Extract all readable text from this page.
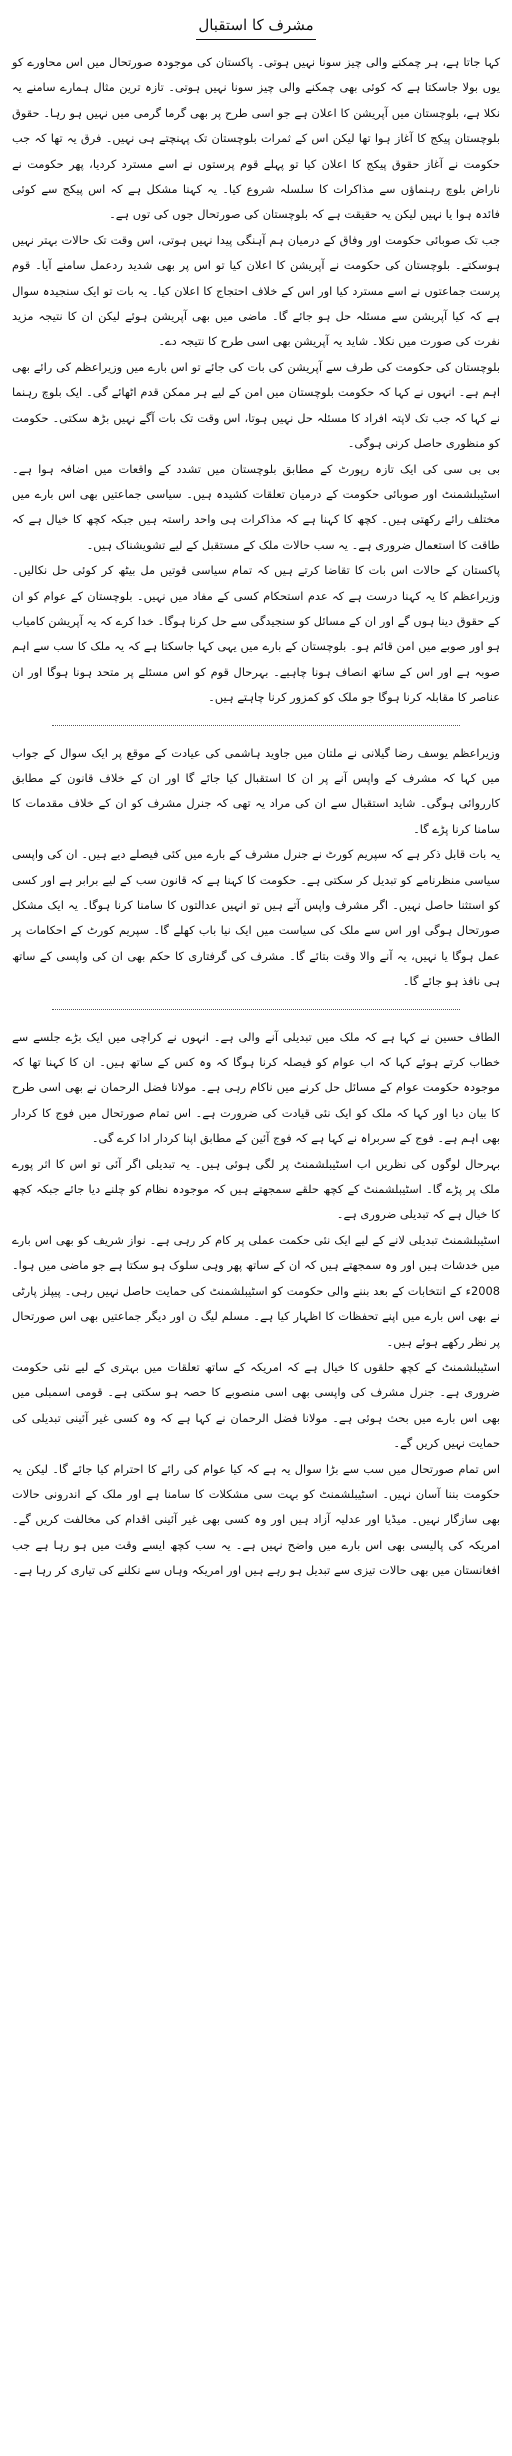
مشرف کا استقبال

کہا جاتا ہے، ہر چمکنے والی چیز سونا نہیں ہوتی۔ پاکستان کی موجودہ صورتحال میں اس محاورے کو یوں بولا جاسکتا ہے کہ کوئی بھی چمکنے والی چیز سونا نہیں ہوتی۔ تازہ ترین مثال ہمارے سامنے یہ نکلا ہے، بلوچستان میں آپریشن کا اعلان ہے جو اسی طرح پر بھی گرما گرمی میں نہیں ہو رہا۔ حقوق بلوچستان پیکج کا آغاز ہوا تھا لیکن اس کے ثمرات بلوچستان تک پہنچتے ہی نہیں۔ فرق یہ تھا کہ جب حکومت نے آغاز حقوق پیکج کا اعلان کیا تو پہلے قوم پرستوں نے اسے مسترد کردیا، پھر حکومت نے ناراض بلوچ رہنماؤں سے مذاکرات کا سلسلہ شروع کیا۔ یہ کہنا مشکل ہے کہ اس پیکج سے کوئی فائدہ ہوا یا نہیں لیکن یہ حقیقت ہے کہ بلوچستان کی صورتحال جوں کی توں ہے۔

جب تک صوبائی حکومت اور وفاق کے درمیان ہم آہنگی پیدا نہیں ہوتی، اس وقت تک حالات بہتر نہیں ہوسکتے۔ بلوچستان کی حکومت نے آپریشن کا اعلان کیا تو اس پر بھی شدید ردعمل سامنے آیا۔ قوم پرست جماعتوں نے اسے مسترد کیا اور اس کے خلاف احتجاج کا اعلان کیا۔ یہ بات تو ایک سنجیدہ سوال ہے کہ کیا آپریشن سے مسئلہ حل ہو جائے گا۔ ماضی میں بھی آپریشن ہوئے لیکن ان کا نتیجہ مزید نفرت کی صورت میں نکلا۔ شاید یہ آپریشن بھی اسی طرح کا نتیجہ دے۔

بلوچستان کی حکومت کی طرف سے آپریشن کی بات کی جائے تو اس بارے میں وزیراعظم کی رائے بھی اہم ہے۔ انہوں نے کہا کہ حکومت بلوچستان میں امن کے لیے ہر ممکن قدم اٹھائے گی۔ ایک بلوچ رہنما نے کہا کہ جب تک لاپتہ افراد کا مسئلہ حل نہیں ہوتا، اس وقت تک بات آگے نہیں بڑھ سکتی۔ حکومت کو منظوری حاصل کرنی ہوگی۔

بی بی سی کی ایک تازہ رپورٹ کے مطابق بلوچستان میں تشدد کے واقعات میں اضافہ ہوا ہے۔ اسٹیبلشمنٹ اور صوبائی حکومت کے درمیان تعلقات کشیدہ ہیں۔ سیاسی جماعتیں بھی اس بارے میں مختلف رائے رکھتی ہیں۔ کچھ کا کہنا ہے کہ مذاکرات ہی واحد راستہ ہیں جبکہ کچھ کا خیال ہے کہ طاقت کا استعمال ضروری ہے۔ یہ سب حالات ملک کے مستقبل کے لیے تشویشناک ہیں۔

پاکستان کے حالات اس بات کا تقاضا کرتے ہیں کہ تمام سیاسی قوتیں مل بیٹھ کر کوئی حل نکالیں۔ وزیراعظم کا یہ کہنا درست ہے کہ عدم استحکام کسی کے مفاد میں نہیں۔ بلوچستان کے عوام کو ان کے حقوق دینا ہوں گے اور ان کے مسائل کو سنجیدگی سے حل کرنا ہوگا۔ خدا کرے کہ یہ آپریشن کامیاب ہو اور صوبے میں امن قائم ہو۔ بلوچستان کے بارے میں یہی کہا جاسکتا ہے کہ یہ ملک کا سب سے اہم صوبہ ہے اور اس کے ساتھ انصاف ہونا چاہیے۔ بہرحال قوم کو اس مسئلے پر متحد ہونا ہوگا اور ان عناصر کا مقابلہ کرنا ہوگا جو ملک کو کمزور کرنا چاہتے ہیں۔

وزیراعظم یوسف رضا گیلانی نے ملتان میں جاوید ہاشمی کی عیادت کے موقع پر ایک سوال کے جواب میں کہا کہ مشرف کے واپس آنے پر ان کا استقبال کیا جائے گا اور ان کے خلاف قانون کے مطابق کارروائی ہوگی۔ شاید استقبال سے ان کی مراد یہ تھی کہ جنرل مشرف کو ان کے خلاف مقدمات کا سامنا کرنا پڑے گا۔

یہ بات قابل ذکر ہے کہ سپریم کورٹ نے جنرل مشرف کے بارے میں کئی فیصلے دیے ہیں۔ ان کی واپسی سیاسی منظرنامے کو تبدیل کر سکتی ہے۔ حکومت کا کہنا ہے کہ قانون سب کے لیے برابر ہے اور کسی کو استثنا حاصل نہیں۔ اگر مشرف واپس آتے ہیں تو انہیں عدالتوں کا سامنا کرنا ہوگا۔ یہ ایک مشکل صورتحال ہوگی اور اس سے ملک کی سیاست میں ایک نیا باب کھلے گا۔ سپریم کورٹ کے احکامات پر عمل ہوگا یا نہیں، یہ آنے والا وقت بتائے گا۔ مشرف کی گرفتاری کا حکم بھی ان کی واپسی کے ساتھ ہی نافذ ہو جائے گا۔

الطاف حسین نے کہا ہے کہ ملک میں تبدیلی آنے والی ہے۔ انہوں نے کراچی میں ایک بڑے جلسے سے خطاب کرتے ہوئے کہا کہ اب عوام کو فیصلہ کرنا ہوگا کہ وہ کس کے ساتھ ہیں۔ ان کا کہنا تھا کہ موجودہ حکومت عوام کے مسائل حل کرنے میں ناکام رہی ہے۔ مولانا فضل الرحمان نے بھی اسی طرح کا بیان دیا اور کہا کہ ملک کو ایک نئی قیادت کی ضرورت ہے۔ اس تمام صورتحال میں فوج کا کردار بھی اہم ہے۔ فوج کے سربراہ نے کہا ہے کہ فوج آئین کے مطابق اپنا کردار ادا کرے گی۔

بہرحال لوگوں کی نظریں اب اسٹیبلشمنٹ پر لگی ہوئی ہیں۔ یہ تبدیلی اگر آئی تو اس کا اثر پورے ملک پر پڑے گا۔ اسٹیبلشمنٹ کے کچھ حلقے سمجھتے ہیں کہ موجودہ نظام کو چلنے دیا جائے جبکہ کچھ کا خیال ہے کہ تبدیلی ضروری ہے۔

اسٹیبلشمنٹ تبدیلی لانے کے لیے ایک نئی حکمت عملی پر کام کر رہی ہے۔ نواز شریف کو بھی اس بارے میں خدشات ہیں اور وہ سمجھتے ہیں کہ ان کے ساتھ پھر وہی سلوک ہو سکتا ہے جو ماضی میں ہوا۔ 2008ء کے انتخابات کے بعد بننے والی حکومت کو اسٹیبلشمنٹ کی حمایت حاصل نہیں رہی۔ پیپلز پارٹی نے بھی اس بارے میں اپنے تحفظات کا اظہار کیا ہے۔ مسلم لیگ ن اور دیگر جماعتیں بھی اس صورتحال پر نظر رکھے ہوئے ہیں۔

اسٹیبلشمنٹ کے کچھ حلقوں کا خیال ہے کہ امریکہ کے ساتھ تعلقات میں بہتری کے لیے نئی حکومت ضروری ہے۔ جنرل مشرف کی واپسی بھی اسی منصوبے کا حصہ ہو سکتی ہے۔ قومی اسمبلی میں بھی اس بارے میں بحث ہوئی ہے۔ مولانا فضل الرحمان نے کہا ہے کہ وہ کسی غیر آئینی تبدیلی کی حمایت نہیں کریں گے۔

اس تمام صورتحال میں سب سے بڑا سوال یہ ہے کہ کیا عوام کی رائے کا احترام کیا جائے گا۔ لیکن یہ حکومت بننا آسان نہیں۔ اسٹیبلشمنٹ کو بہت سی مشکلات کا سامنا ہے اور ملک کے اندرونی حالات بھی سازگار نہیں۔ میڈیا اور عدلیہ آزاد ہیں اور وہ کسی بھی غیر آئینی اقدام کی مخالفت کریں گے۔ امریکہ کی پالیسی بھی اس بارے میں واضح نہیں ہے۔ یہ سب کچھ ایسے وقت میں ہو رہا ہے جب افغانستان میں بھی حالات تیزی سے تبدیل ہو رہے ہیں اور امریکہ وہاں سے نکلنے کی تیاری کر رہا ہے۔
